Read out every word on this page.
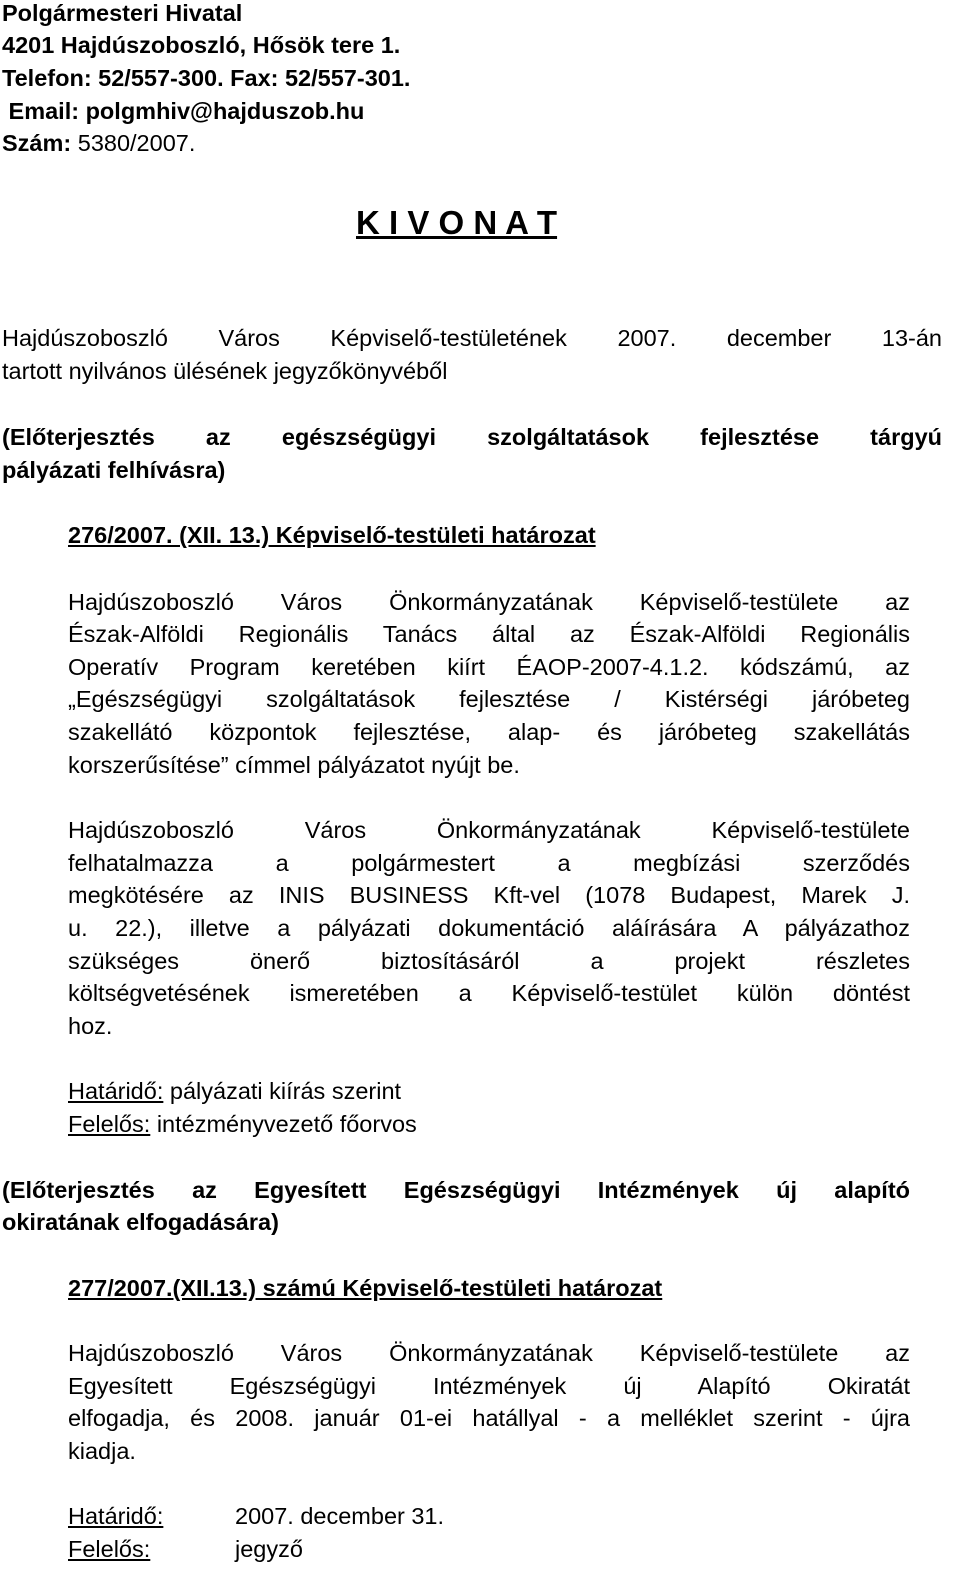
Polgármesteri Hivatal
4201 Hajdúszoboszló, Hősök tere 1.
Telefon: 52/557-300. Fax: 52/557-301.
Email: polgmhiv@hajduszob.hu
Szám: 5380/2007.
K I V O N A T
Hajdúszoboszló Város Képviselő-testületének 2007. december 13-án
tartott nyilvános ülésének jegyzőkönyvéből
(Előterjesztés az egészségügyi szolgáltatások fejlesztése tárgyú
pályázati felhívásra)
276/2007. (XII. 13.) Képviselő-testületi határozat
Hajdúszoboszló Város Önkormányzatának Képviselő-testülete az
Észak-Alföldi Regionális Tanács által az Észak-Alföldi Regionális
Operatív Program keretében kiírt ÉAOP-2007-4.1.2. kódszámú, az
„Egészségügyi szolgáltatások fejlesztése / Kistérségi járóbeteg
szakellátó központok fejlesztése, alap- és járóbeteg szakellátás
korszerűsítése” címmel pályázatot nyújt be.
Hajdúszoboszló Város Önkormányzatának Képviselő-testülete
felhatalmazza a polgármestert a megbízási szerződés
megkötésére az INIS BUSINESS Kft-vel (1078 Budapest, Marek J.
u. 22.), illetve a pályázati dokumentáció aláírására A pályázathoz
szükséges önerő biztosításáról a projekt részletes
költségvetésének ismeretében a Képviselő-testület külön döntést
hoz.
Határidő: pályázati kiírás szerint
Felelős: intézményvezető főorvos
(Előterjesztés az Egyesített Egészségügyi Intézmények új alapító
okiratának elfogadására)
277/2007.(XII.13.) számú Képviselő-testületi határozat
Hajdúszoboszló Város Önkormányzatának Képviselő-testülete az
Egyesített Egészségügyi Intézmények új Alapító Okiratát
elfogadja, és 2008. január 01-ei hatállyal - a melléklet szerint - újra
kiadja.
Határidő:	2007. december 31.
Felelős:	jegyző
